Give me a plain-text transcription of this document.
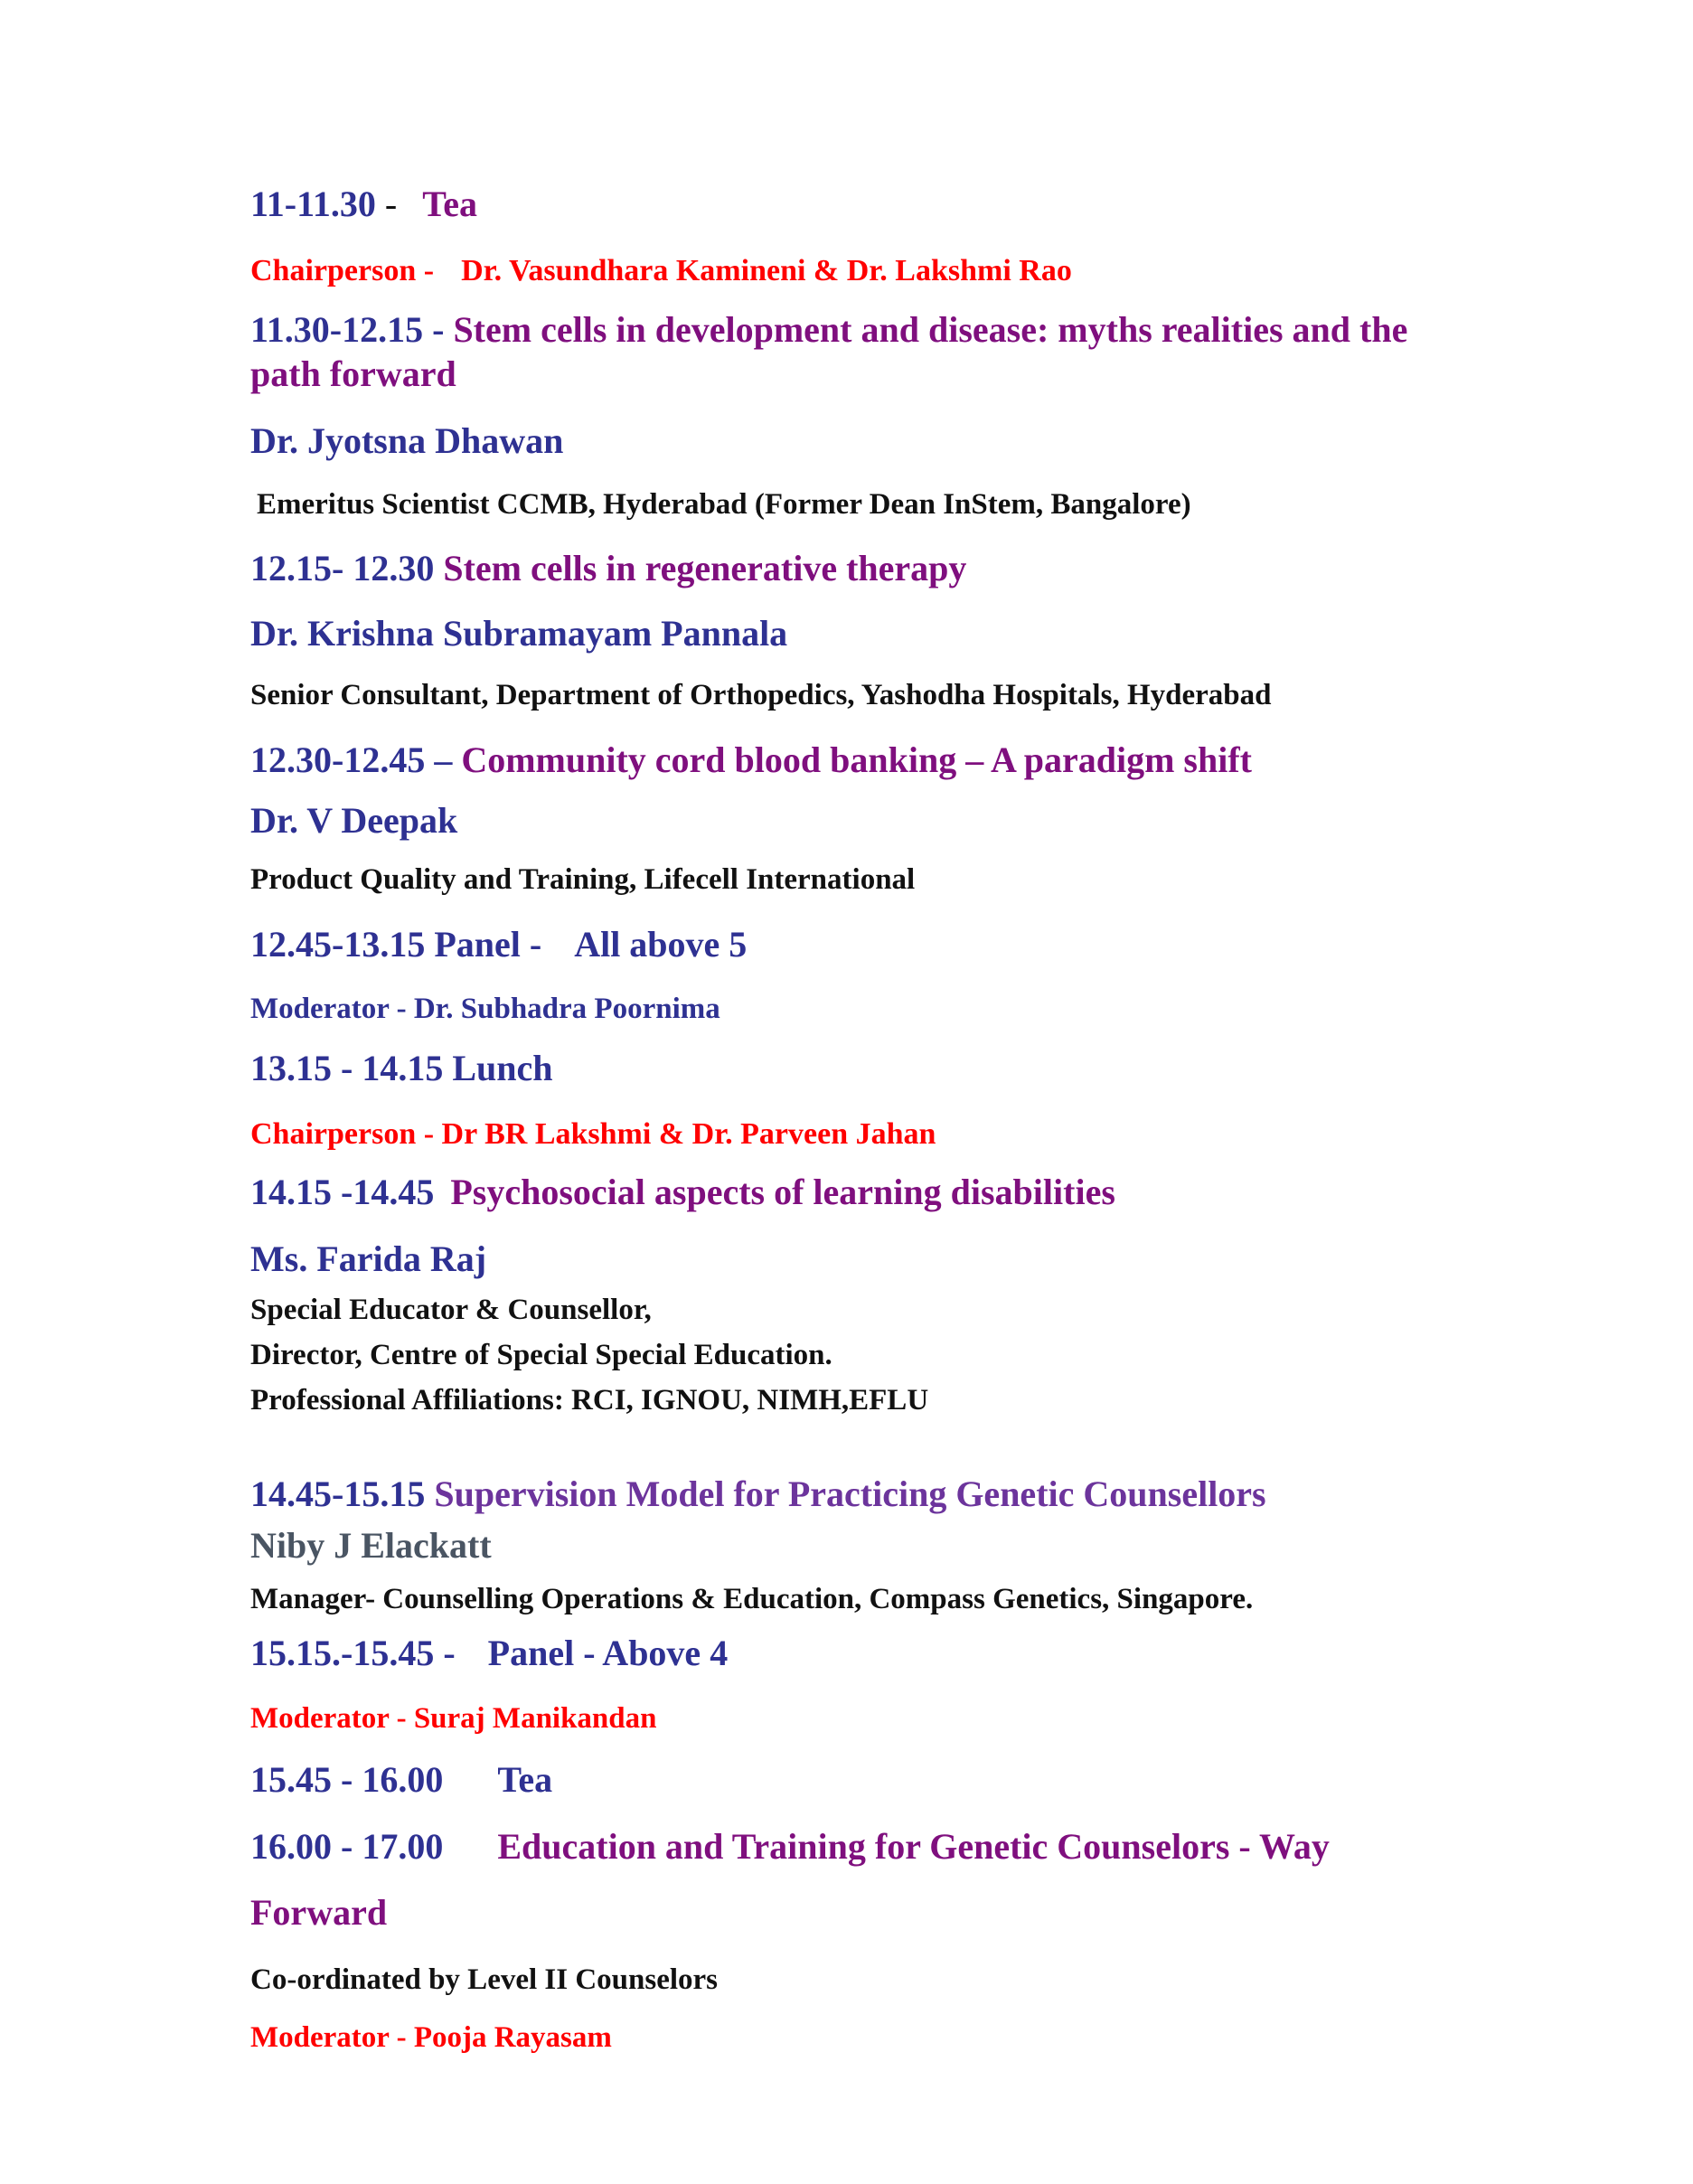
11-11.30 - Tea
Chairperson - Dr. Vasundhara Kamineni & Dr. Lakshmi Rao
11.30-12.15 - Stem cells in development and disease: myths realities and the
path forward
Dr. Jyotsna Dhawan
Emeritus Scientist CCMB, Hyderabad (Former Dean InStem, Bangalore)
12.15- 12.30 Stem cells in regenerative therapy
Dr. Krishna Subramayam Pannala
Senior Consultant, Department of Orthopedics, Yashodha Hospitals, Hyderabad
12.30-12.45 – Community cord blood banking – A paradigm shift
Dr. V Deepak
Product Quality and Training, Lifecell International
12.45-13.15 Panel - All above 5
Moderator - Dr. Subhadra Poornima
13.15 - 14.15 Lunch
Chairperson - Dr BR Lakshmi & Dr. Parveen Jahan
14.15 -14.45 Psychosocial aspects of learning disabilities
Ms. Farida Raj
Special Educator & Counsellor,
Director, Centre of Special Special Education.
Professional Affiliations: RCI, IGNOU, NIMH,EFLU
14.45-15.15 Supervision Model for Practicing Genetic Counsellors
Niby J Elackatt
Manager- Counselling Operations & Education, Compass Genetics, Singapore.
15.15.-15.45 - Panel - Above 4
Moderator - Suraj Manikandan
15.45 - 16.00 Tea
16.00 - 17.00 Education and Training for Genetic Counselors - Way
Forward
Co-ordinated by Level II Counselors
Moderator - Pooja Rayasam
